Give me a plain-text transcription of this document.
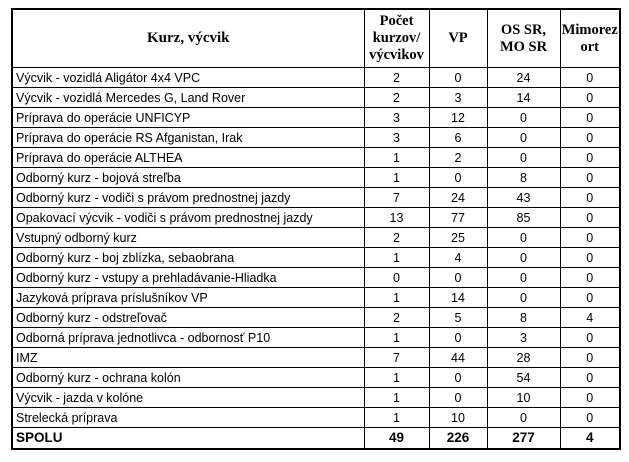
Kurz, výcvik	Počet kurzov/ výcvikov	VP	OS SR, MO SR	Mimorez ort
Výcvik - vozidlá Aligátor 4x4 VPC	2	0	24	0
Výcvik - vozidlá Mercedes G, Land Rover	2	3	14	0
Príprava do operácie UNFICYP	3	12	0	0
Príprava do operácie RS Afganistan, Irak	3	6	0	0
Príprava do operácie ALTHEA	1	2	0	0
Odborný kurz - bojová streľba	1	0	8	0
Odborný kurz - vodiči s právom prednostnej jazdy	7	24	43	0
Opakovací výcvik - vodiči s právom prednostnej jazdy	13	77	85	0
Vstupný odborný kurz	2	25	0	0
Odborný kurz - boj zblízka, sebaobrana	1	4	0	0
Odborný kurz - vstupy a prehladávanie-Hliadka	0	0	0	0
Jazyková príprava príslušníkov VP	1	14	0	0
Odborný kurz - odstreľovač	2	5	8	4
Odborná príprava jednotlivca - odbornosť P10	1	0	3	0
IMZ	7	44	28	0
Odborný kurz - ochrana kolón	1	0	54	0
Výcvik - jazda v kolóne	1	0	10	0
Strelecká príprava	1	10	0	0
SPOLU	49	226	277	4
